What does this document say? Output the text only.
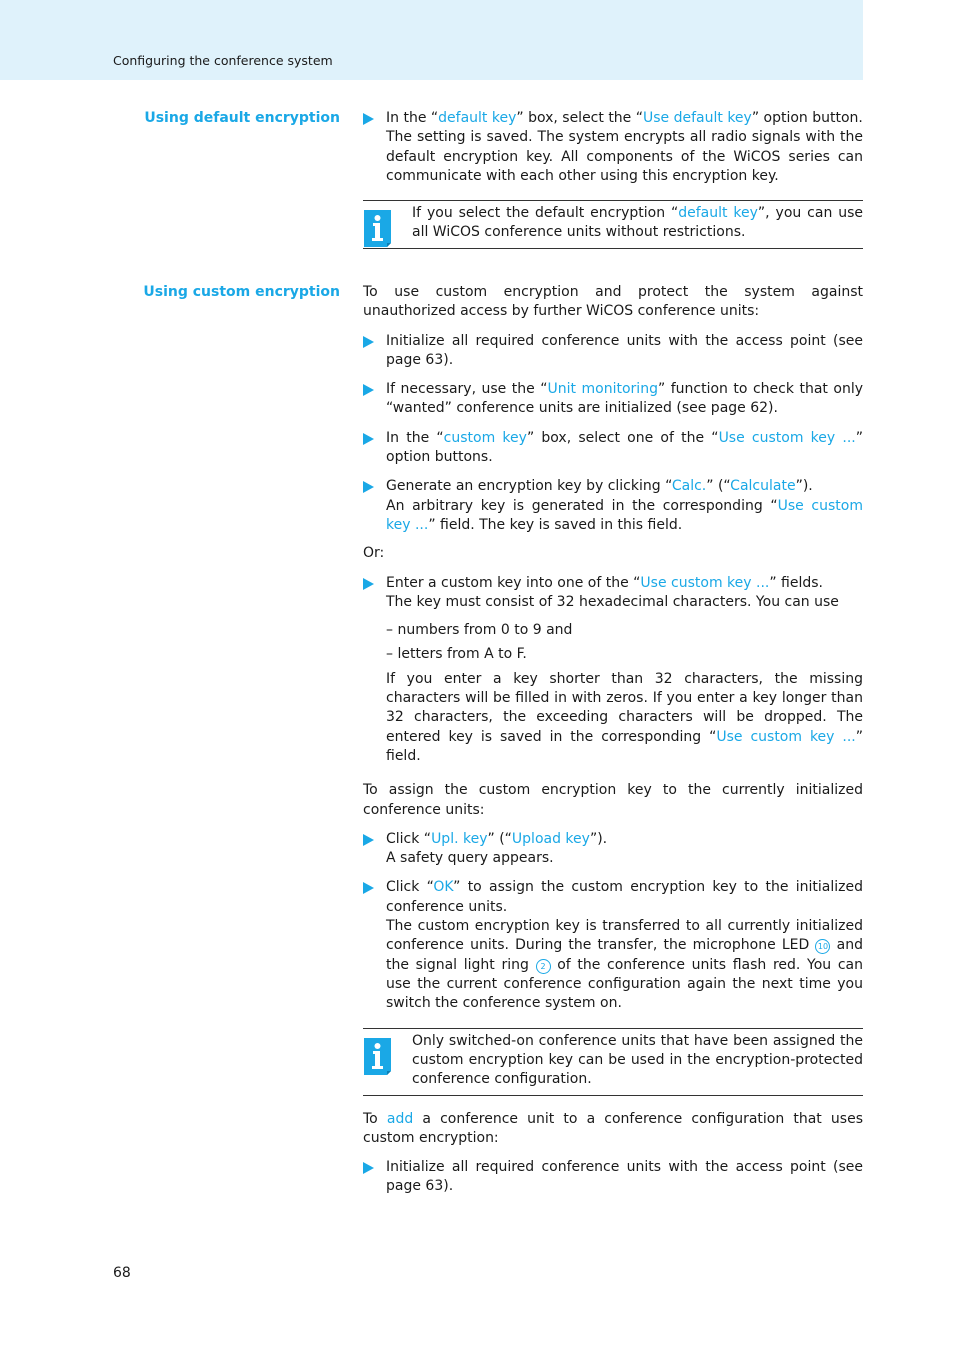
Configuring the conference system
Using default encryption	In the “default key” box, select the “Use default key” option button.

The setting is saved. The system encrypts all radio signals with the default encryption key. All components of the WiCOS series can communicate with each other using this encryption key.

If you select the default encryption “default key”, you can use all WiCOS conference units without restrictions.

Using custom encryption To use custom encryption and protect the system against unauthorized access by further WiCOS conference units:

Initialize all required conference units with the access point (see page 63).

If necessary, use the “Unit monitoring” function to check that only “wanted” conference units are initialized (see page 62).

In the “custom key” box, select one of the “Use custom key ...” option buttons.

Generate an encryption key by clicking “Calc.” (“Calculate”).

An arbitrary key is generated in the corresponding “Use custom key ...” field. The key is saved in this field.

Or:

Enter a custom key into one of the “Use custom key ...” fields.

The key must consist of 32 hexadecimal characters. You can use

– numbers from 0 to 9 and

– letters from A to F.

If you enter a key shorter than 32 characters, the missing characters will be filled in with zeros. If you enter a key longer than 32 characters, the exceeding characters will be dropped. The entered key is saved in the corresponding “Use custom key ...” field.

To assign the custom encryption key to the currently initialized conference units:

Click “Upl. key” (“Upload key”).

A safety query appears.

Click “OK” to assign the custom encryption key to the initialized conference units.

The custom encryption key is transferred to all currently initialized conference units. During the transfer, the microphone LED 10 and the signal light ring 2 of the conference units flash red. You can use the current conference configuration again the next time you switch the conference system on.

Only switched-on conference units that have been assigned the custom encryption key can be used in the encryption-protected conference configuration.

To add a conference unit to a conference configuration that uses custom encryption:

Initialize all required conference units with the access point (see page 63).

68
